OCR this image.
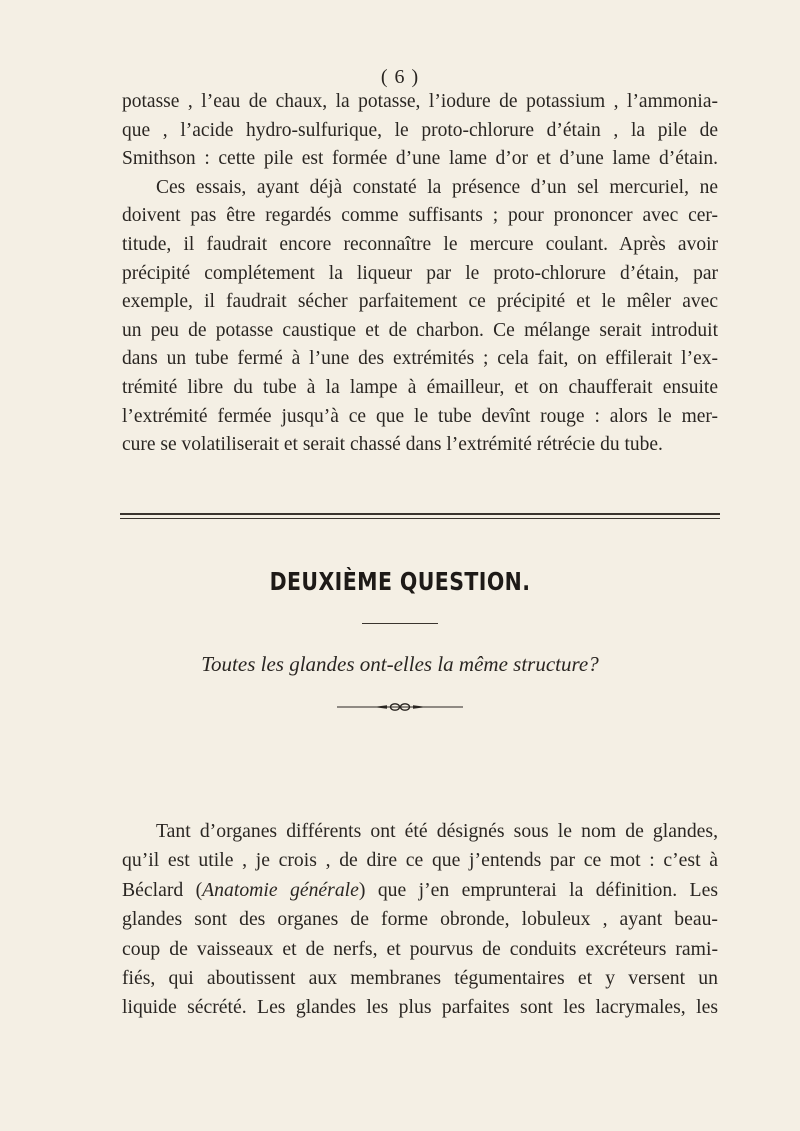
( 6 )
potasse , l’eau de chaux, la potasse, l’iodure de potassium , l’ammonia-
que , l’acide hydro-sulfurique, le proto-chlorure d’étain , la pile de
Smithson : cette pile est formée d’une lame d’or et d’une lame d’étain.
Ces essais, ayant déjà constaté la présence d’un sel mercuriel, ne
doivent pas être regardés comme suffisants ; pour prononcer avec cer-
titude, il faudrait encore reconnaître le mercure coulant. Après avoir
précipité complétement la liqueur par le proto-chlorure d’étain, par
exemple, il faudrait sécher parfaitement ce précipité et le mêler avec
un peu de potasse caustique et de charbon. Ce mélange serait introduit
dans un tube fermé à l’une des extrémités ; cela fait, on effilerait l’ex-
trémité libre du tube à la lampe à émailleur, et on chaufferait ensuite
l’extrémité fermée jusqu’à ce que le tube devînt rouge : alors le mer-
cure se volatiliserait et serait chassé dans l’extrémité rétrécie du tube.
DEUXIÈME QUESTION.
Toutes les glandes ont-elles la même structure?
Tant d’organes différents ont été désignés sous le nom de glandes,
qu’il est utile , je crois , de dire ce que j’entends par ce mot : c’est à
Béclard (Anatomie générale) que j’en emprunterai la définition. Les
glandes sont des organes de forme obronde, lobuleux , ayant beau-
coup de vaisseaux et de nerfs, et pourvus de conduits excréteurs rami-
fiés, qui aboutissent aux membranes tégumentaires et y versent un
liquide sécrété. Les glandes les plus parfaites sont les lacrymales, les
